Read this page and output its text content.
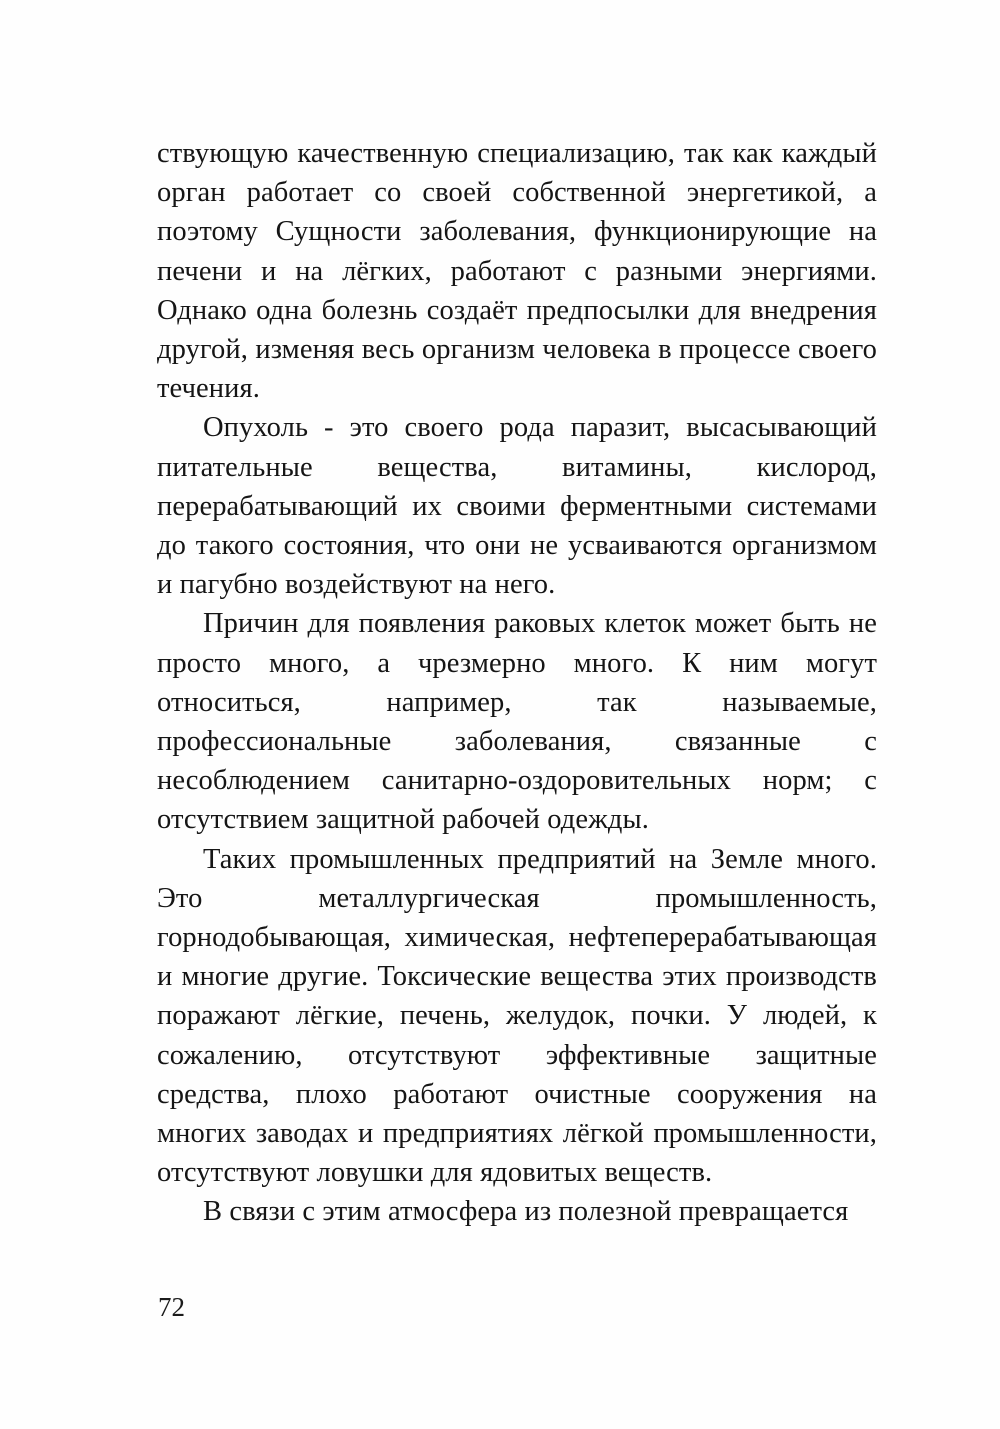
ствующую качественную специализацию, так как каждый орган работает со своей собственной энергетикой, а поэтому Сущности заболевания, функционирующие на печени и на лёгких, работают с разными энергиями. Однако одна болезнь создаёт предпосылки для внедрения другой, изменяя весь организм человека в процессе своего течения.

Опухоль - это своего рода паразит, высасывающий питательные вещества, витамины, кислород, перерабатывающий их своими ферментными системами до такого состояния, что они не усваиваются организмом и пагубно воздействуют на него.

Причин для появления раковых клеток может быть не просто много, а чрезмерно много. К ним могут относиться, например, так называемые, профессиональные заболевания, связанные с несоблюдением санитарно-оздоровительных норм; с отсутствием защитной рабочей одежды.

Таких промышленных предприятий на Земле много. Это металлургическая промышленность, горнодобывающая, химическая, нефтеперерабатывающая и многие другие. Токсические вещества этих производств поражают лёгкие, печень, желудок, почки. У людей, к сожалению, отсутствуют эффективные защитные средства, плохо работают очистные сооружения на многих заводах и предприятиях лёгкой промышленности, отсутствуют ловушки для ядовитых веществ.

В связи с этим атмосфера из полезной превращается

72
